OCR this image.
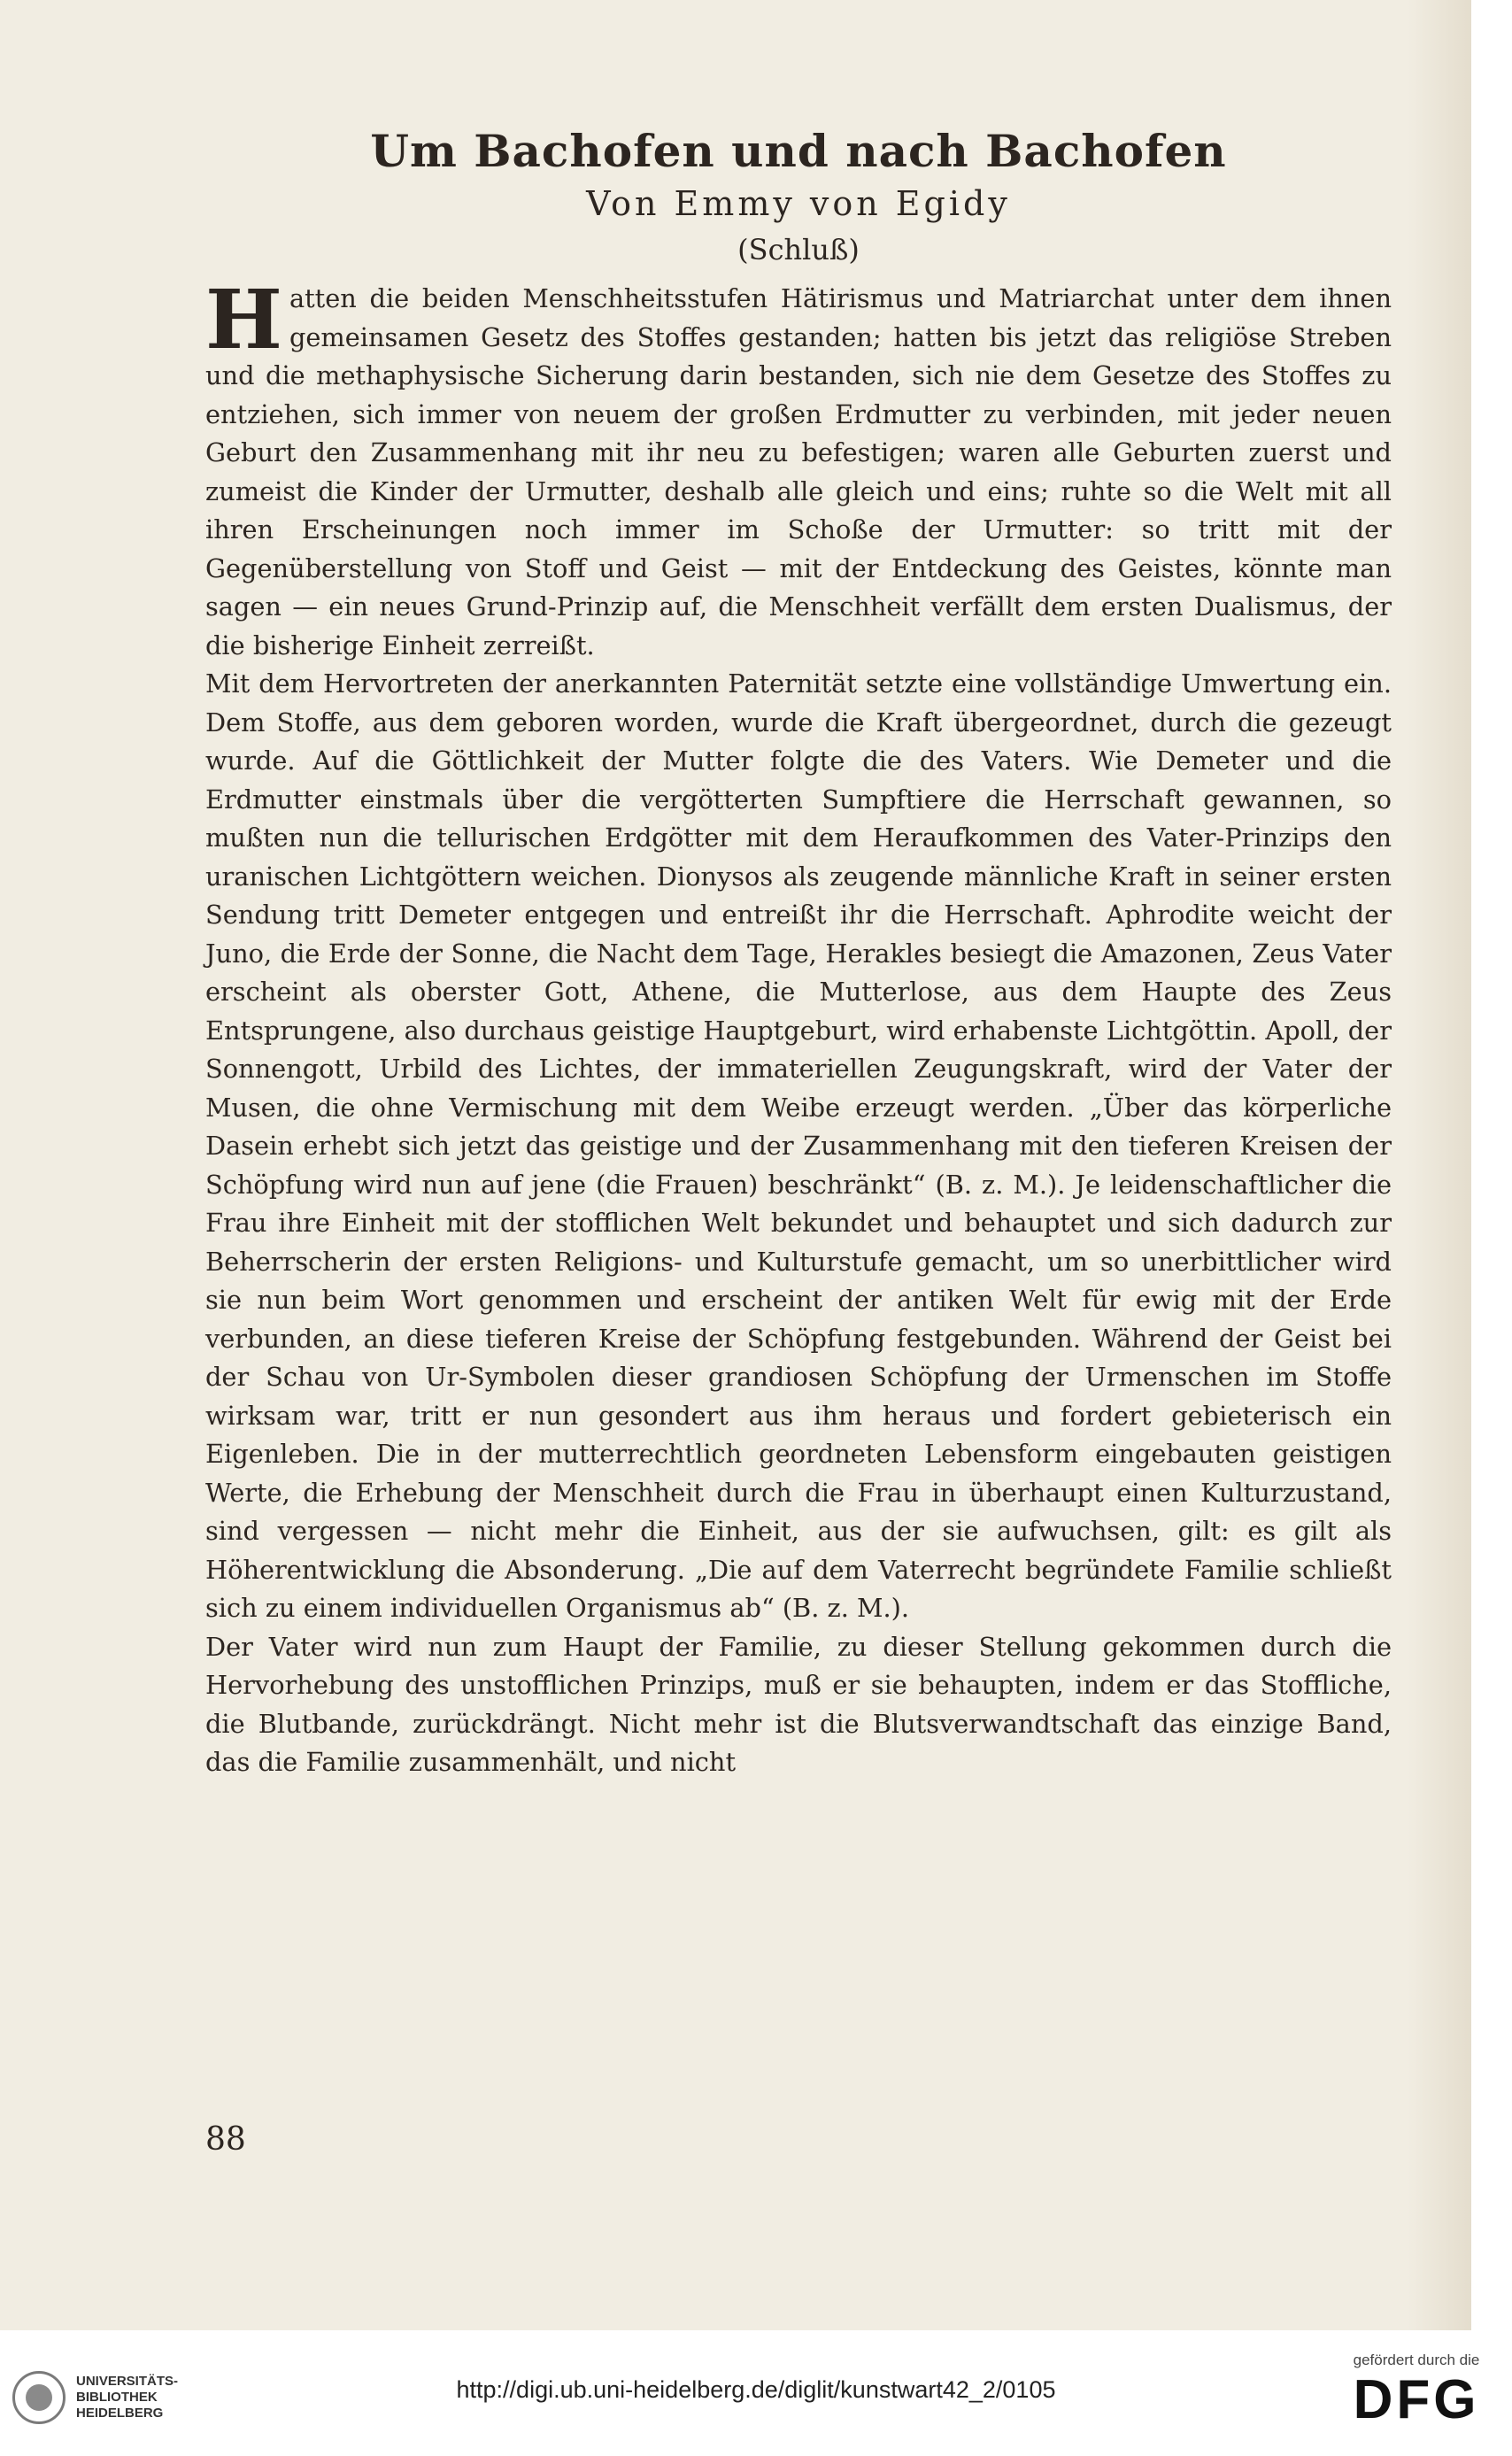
Um Bachofen und nach Bachofen
Von Emmy von Egidy
(Schluß)

Hatten die beiden Menschheitsstufen Hätirismus und Matriarchat unter dem ihnen gemeinsamen Gesetz des Stoffes gestanden; hatten bis jetzt das religiöse Streben und die methaphysische Sicherung darin bestanden, sich nie dem Gesetze des Stoffes zu entziehen, sich immer von neuem der großen Erdmutter zu verbinden, mit jeder neuen Geburt den Zusammenhang mit ihr neu zu befestigen; waren alle Geburten zuerst und zumeist die Kinder der Urmutter, deshalb alle gleich und eins; ruhte so die Welt mit all ihren Erscheinungen noch immer im Schoße der Urmutter: so tritt mit der Gegenüberstellung von Stoff und Geist — mit der Entdeckung des Geistes, könnte man sagen — ein neues Grund-Prinzip auf, die Menschheit verfällt dem ersten Dualismus, der die bisherige Einheit zerreißt.

Mit dem Hervortreten der anerkannten Paternität setzte eine vollständige Umwertung ein. Dem Stoffe, aus dem geboren worden, wurde die Kraft übergeordnet, durch die gezeugt wurde. Auf die Göttlichkeit der Mutter folgte die des Vaters. Wie Demeter und die Erdmutter einstmals über die vergötterten Sumpftiere die Herrschaft gewannen, so mußten nun die tellurischen Erdgötter mit dem Heraufkommen des Vater-Prinzips den uranischen Lichtgöttern weichen. Dionysos als zeugende männliche Kraft in seiner ersten Sendung tritt Demeter entgegen und entreißt ihr die Herrschaft. Aphrodite weicht der Juno, die Erde der Sonne, die Nacht dem Tage, Herakles besiegt die Amazonen, Zeus Vater erscheint als oberster Gott, Athene, die Mutterlose, aus dem Haupte des Zeus Entsprungene, also durchaus geistige Hauptgeburt, wird erhabenste Lichtgöttin. Apoll, der Sonnengott, Urbild des Lichtes, der immateriellen Zeugungskraft, wird der Vater der Musen, die ohne Vermischung mit dem Weibe erzeugt werden. „Über das körperliche Dasein erhebt sich jetzt das geistige und der Zusammenhang mit den tieferen Kreisen der Schöpfung wird nun auf jene (die Frauen) beschränkt“ (B. z. M.). Je leidenschaftlicher die Frau ihre Einheit mit der stofflichen Welt bekundet und behauptet und sich dadurch zur Beherrscherin der ersten Religions- und Kulturstufe gemacht, um so unerbittlicher wird sie nun beim Wort genommen und erscheint der antiken Welt für ewig mit der Erde verbunden, an diese tieferen Kreise der Schöpfung festgebunden. Während der Geist bei der Schau von Ur-Symbolen dieser grandiosen Schöpfung der Urmenschen im Stoffe wirksam war, tritt er nun gesondert aus ihm heraus und fordert gebieterisch ein Eigenleben. Die in der mutterrechtlich geordneten Lebensform eingebauten geistigen Werte, die Erhebung der Menschheit durch die Frau in überhaupt einen Kulturzustand, sind vergessen — nicht mehr die Einheit, aus der sie aufwuchsen, gilt: es gilt als Höherentwicklung die Absonderung. „Die auf dem Vaterrecht begründete Familie schließt sich zu einem individuellen Organismus ab“ (B. z. M.).

Der Vater wird nun zum Haupt der Familie, zu dieser Stellung gekommen durch die Hervorhebung des unstofflichen Prinzips, muß er sie behaupten, indem er das Stoffliche, die Blutbande, zurückdrängt. Nicht mehr ist die Blutsverwandtschaft das einzige Band, das die Familie zusammenhält, und nicht

88
UNIVERSITÄTS-
BIBLIOTHEK
HEIDELBERG
http://digi.ub.uni-heidelberg.de/diglit/kunstwart42_2/0105
gefördert durch die
DFG
